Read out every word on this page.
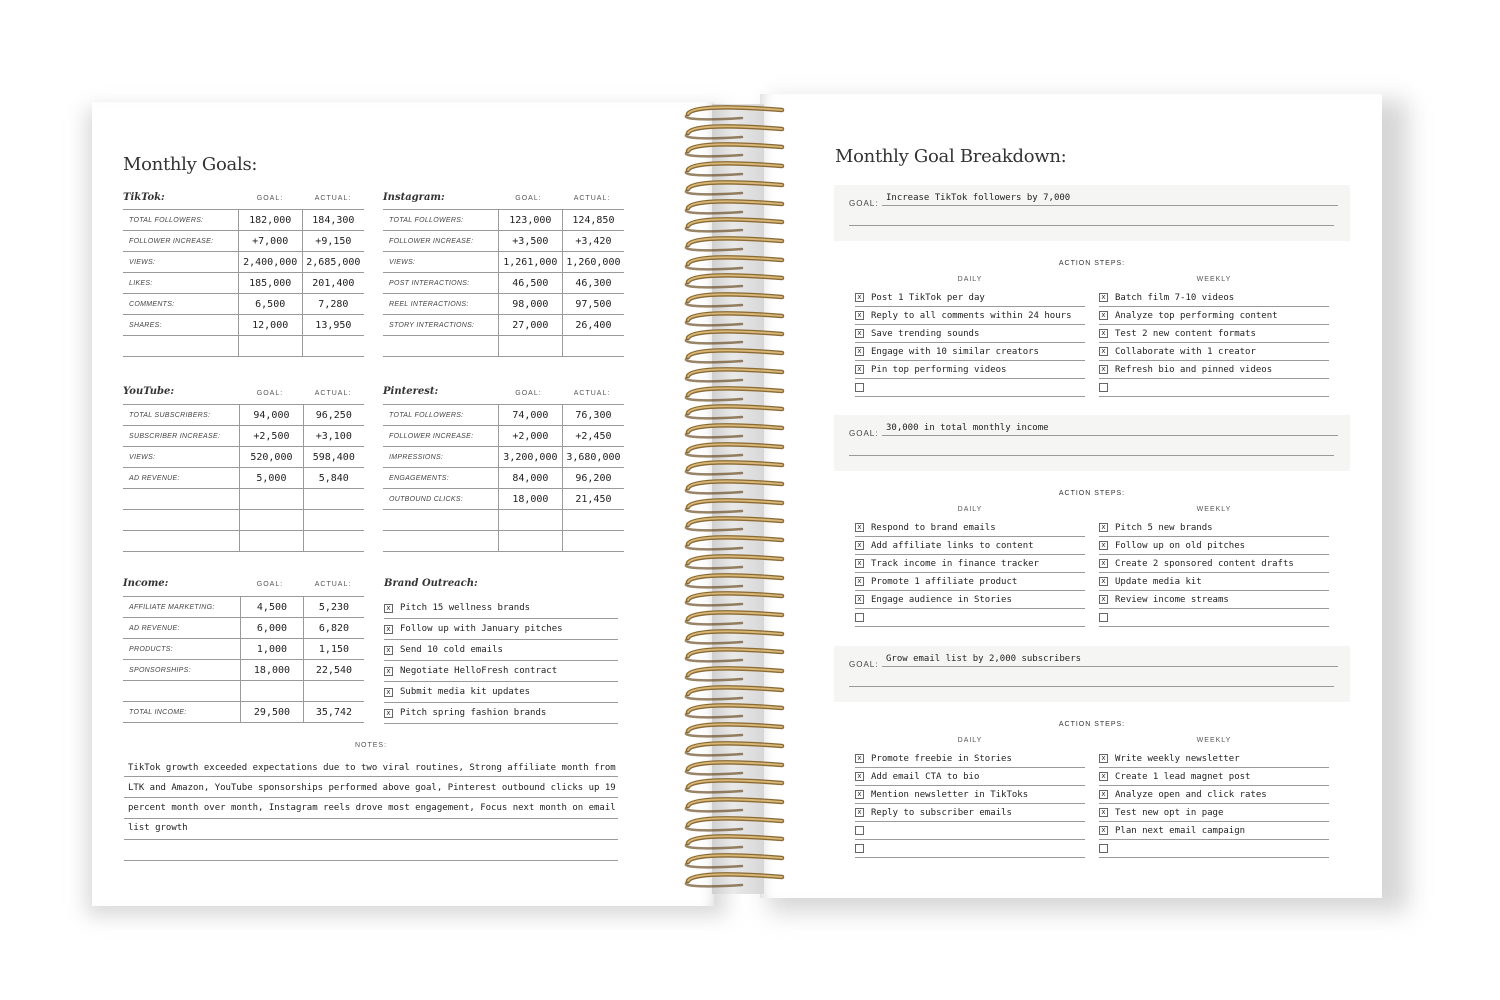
Monthly Goals:
TikTok:	GOAL:	ACTUAL:
TOTAL FOLLOWERS:	182,000	184,300
FOLLOWER INCREASE:	+7,000	+9,150
VIEWS:	2,400,000	2,685,000
LIKES:	185,000	201,400
COMMENTS:	6,500	7,280
SHARES:	12,000	13,950

Instagram:	GOAL:	ACTUAL:
TOTAL FOLLOWERS:	123,000	124,850
FOLLOWER INCREASE:	+3,500	+3,420
VIEWS:	1,261,000	1,260,000
POST INTERACTIONS:	46,500	46,300
REEL INTERACTIONS:	98,000	97,500
STORY INTERACTIONS:	27,000	26,400

YouTube:	GOAL:	ACTUAL:
TOTAL SUBSCRIBERS:	94,000	96,250
SUBSCRIBER INCREASE:	+2,500	+3,100
VIEWS:	520,000	598,400
AD REVENUE:	5,000	5,840

Pinterest:	GOAL:	ACTUAL:
TOTAL FOLLOWERS:	74,000	76,300
FOLLOWER INCREASE:	+2,000	+2,450
IMPRESSIONS:	3,200,000	3,680,000
ENGAGEMENTS:	84,000	96,200
OUTBOUND CLICKS:	18,000	21,450

Income:	GOAL:	ACTUAL:
AFFILIATE MARKETING:	4,500	5,230
AD REVENUE:	6,000	6,820
PRODUCTS:	1,000	1,150
SPONSORSHIPS:	18,000	22,540

TOTAL INCOME:	29,500	35,742
Brand Outreach:
x Pitch 15 wellness brands
x Follow up with January pitches
x Send 10 cold emails
x Negotiate HelloFresh contract
x Submit media kit updates
x Pitch spring fashion brands
NOTES:
TikTok growth exceeded expectations due to two viral routines, Strong affiliate month from LTK and Amazon, YouTube sponsorships performed above goal, Pinterest outbound clicks up 19 percent month over month, Instagram reels drove most engagement, Focus next month on email list growth
Monthly Goal Breakdown:
GOAL:
Increase TikTok followers by 7,000
ACTION STEPS:
DAILY
x Post 1 TikTok per day
x Reply to all comments within 24 hours
x Save trending sounds
x Engage with 10 similar creators
x Pin top performing videos
WEEKLY
x Batch film 7-10 videos
x Analyze top performing content
x Test 2 new content formats
x Collaborate with 1 creator
x Refresh bio and pinned videos
GOAL:
30,000 in total monthly income
ACTION STEPS:
DAILY
x Respond to brand emails
x Add affiliate links to content
x Track income in finance tracker
x Promote 1 affiliate product
x Engage audience in Stories
WEEKLY
x Pitch 5 new brands
x Follow up on old pitches
x Create 2 sponsored content drafts
x Update media kit
x Review income streams
GOAL:
Grow email list by 2,000 subscribers
ACTION STEPS:
DAILY
x Promote freebie in Stories
x Add email CTA to bio
x Mention newsletter in TikToks
x Reply to subscriber emails
WEEKLY
x Write weekly newsletter
x Create 1 lead magnet post
x Analyze open and click rates
x Test new opt in page
x Plan next email campaign
